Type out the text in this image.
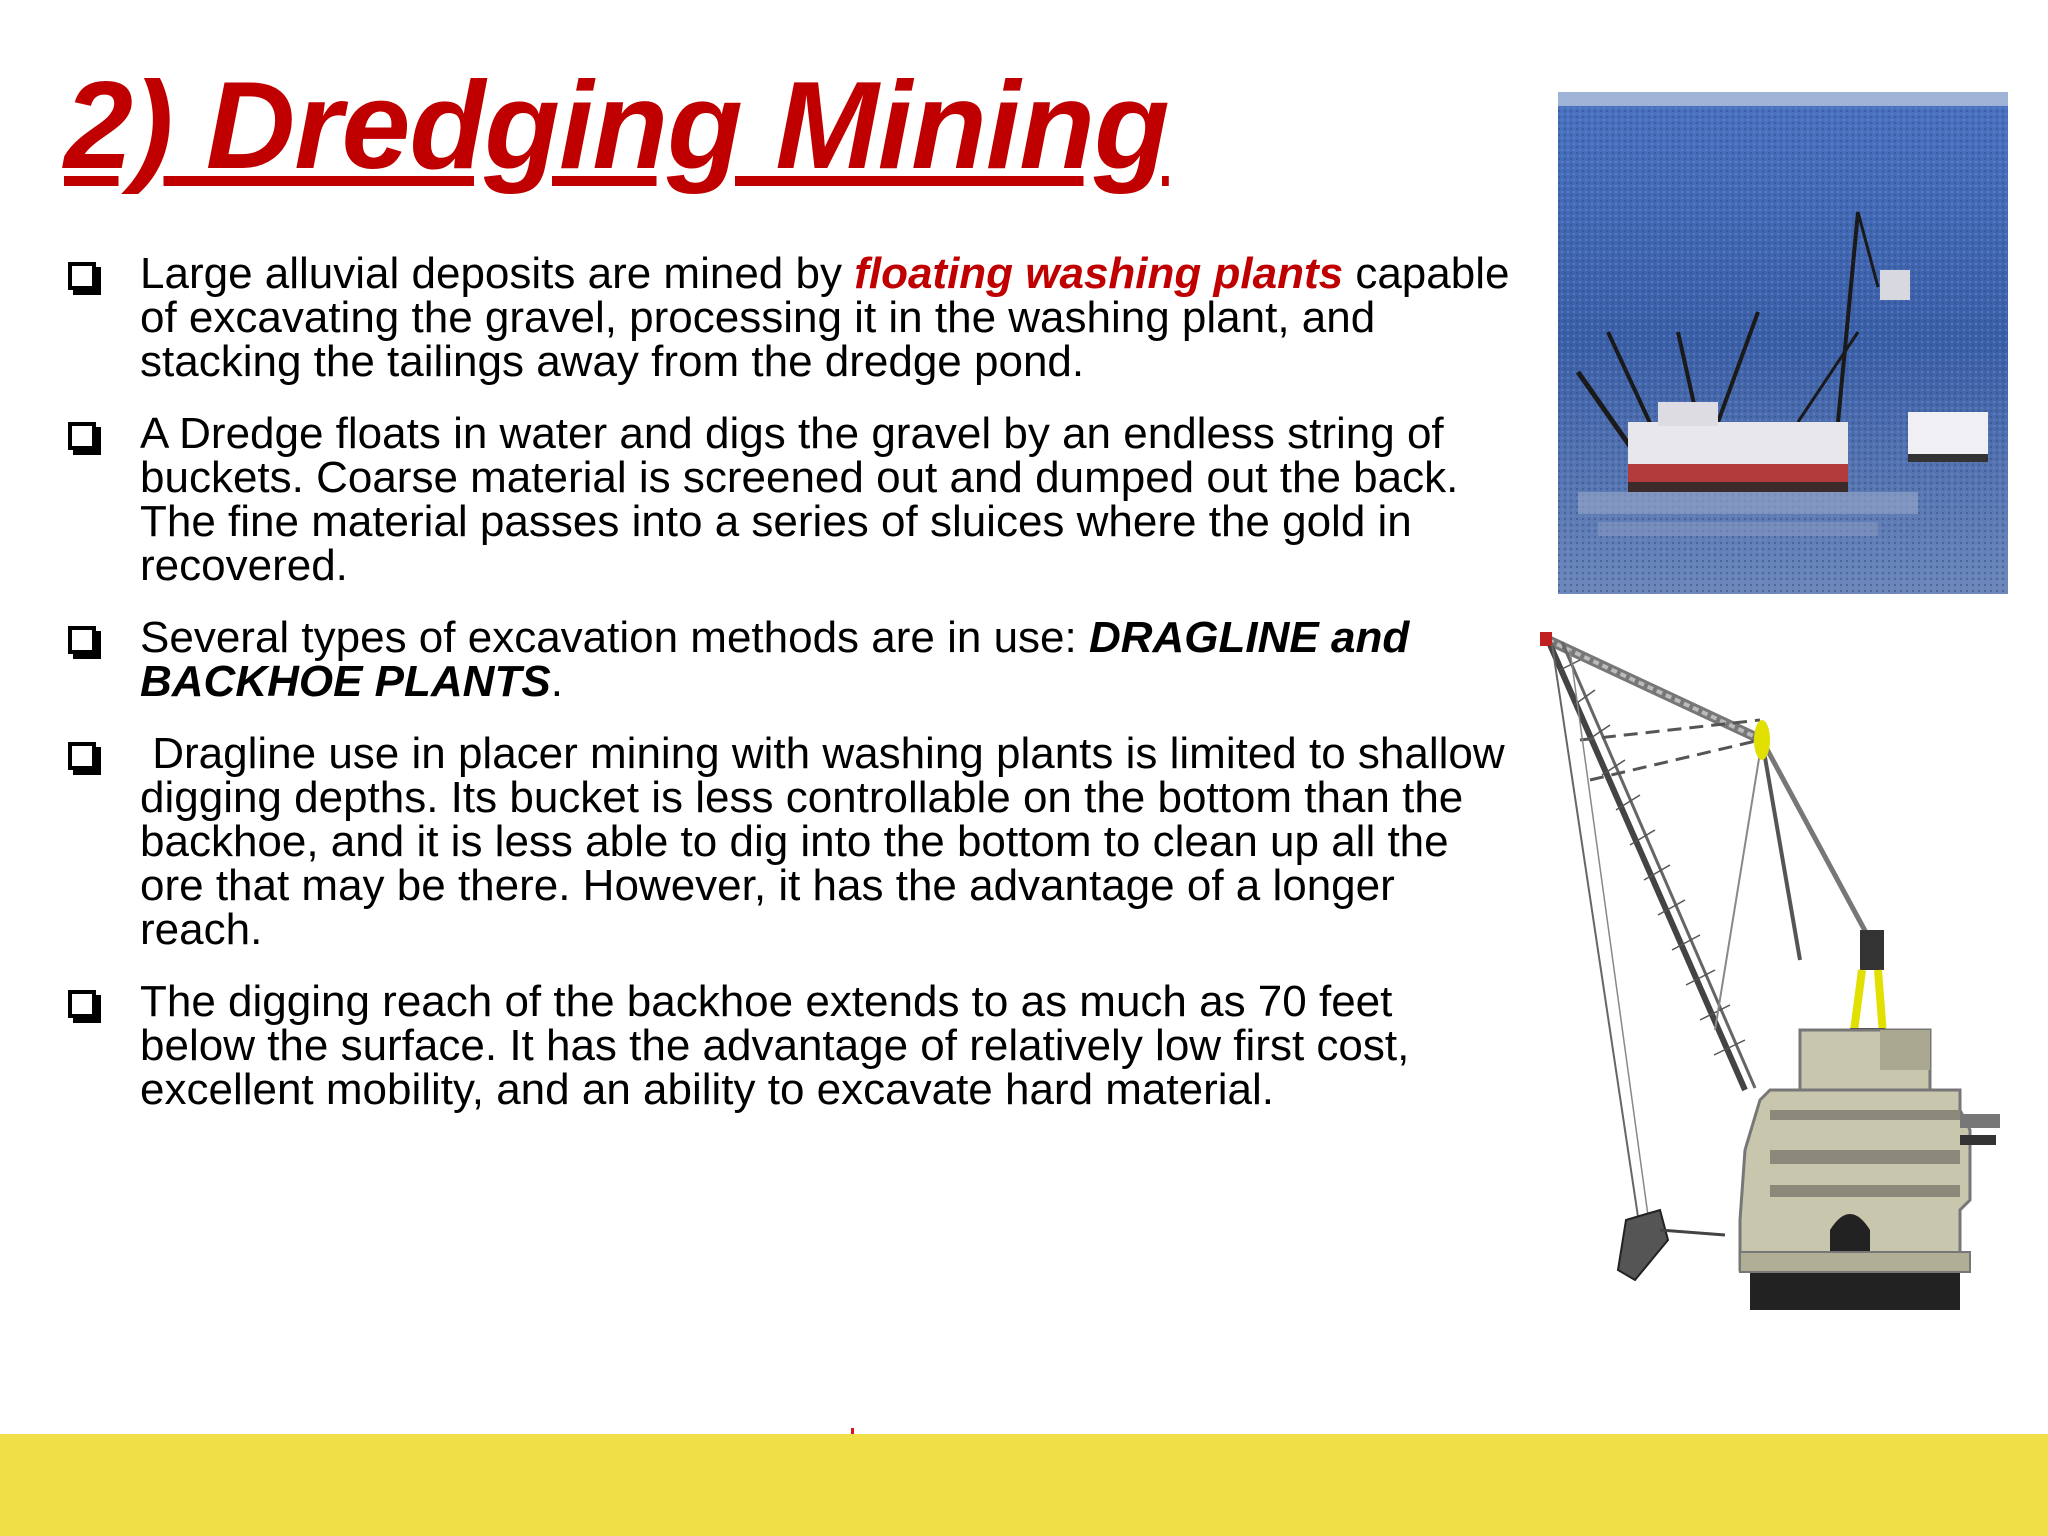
2) Dredging Mining
Large alluvial deposits are mined by floating washing plants capable of excavating the gravel, processing it in the washing plant, and stacking the tailings away from the dredge pond.
A Dredge floats in water and digs the gravel by an endless string of buckets. Coarse material is screened out and dumped out the back. The fine material passes into a series of sluices where the gold in recovered.
Several types of excavation methods are in use: DRAGLINE and BACKHOE PLANTS.
Dragline use in placer mining with washing plants is limited to shallow digging depths. Its bucket is less controllable on the bottom than the backhoe, and it is less able to dig into the bottom to clean up all the ore that may be there. However, it has the advantage of a longer reach.
The digging reach of the backhoe extends to as much as 70 feet below the surface. It has the advantage of relatively low first cost, excellent mobility, and an ability to excavate hard material.
